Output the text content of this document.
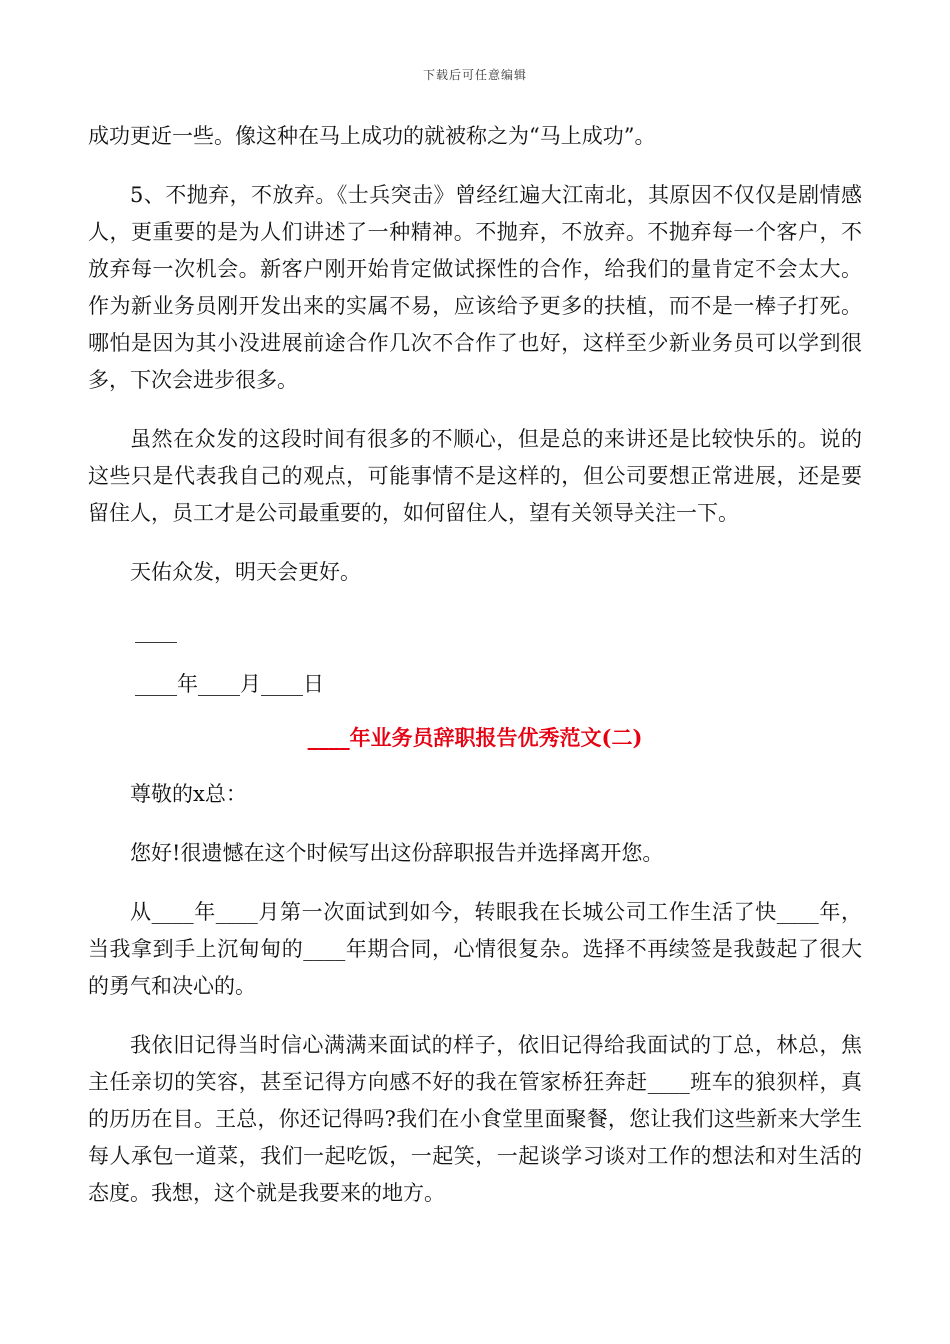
下载后可任意编辑

成功更近一些。像这种在马上成功的就被称之为“马上成功”。

5、不抛弃，不放弃。《士兵突击》曾经红遍大江南北，其原因不仅仅是剧情感人，更重要的是为人们讲述了一种精神。不抛弃，不放弃。不抛弃每一个客户，不放弃每一次机会。新客户刚开始肯定做试探性的合作，给我们的量肯定不会太大。作为新业务员刚开发出来的实属不易，应该给予更多的扶植，而不是一棒子打死。哪怕是因为其小没进展前途合作几次不合作了也好，这样至少新业务员可以学到很多，下次会进步很多。

虽然在众发的这段时间有很多的不顺心，但是总的来讲还是比较快乐的。说的这些只是代表我自己的观点，可能事情不是这样的，但公司要想正常进展，还是要留住人，员工才是公司最重要的，如何留住人，望有关领导关注一下。

天佑众发，明天会更好。

____
____年____月____日
____年业务员辞职报告优秀范文(二)

尊敬的x总：

您好!很遗憾在这个时候写出这份辞职报告并选择离开您。

从____年____月第一次面试到如今，转眼我在长城公司工作生活了快____年，当我拿到手上沉甸甸的____年期合同，心情很复杂。选择不再续签是我鼓起了很大的勇气和决心的。

我依旧记得当时信心满满来面试的样子，依旧记得给我面试的丁总，林总，焦主任亲切的笑容，甚至记得方向感不好的我在管家桥狂奔赶____班车的狼狈样，真的历历在目。王总，你还记得吗?我们在小食堂里面聚餐，您让我们这些新来大学生每人承包一道菜，我们一起吃饭，一起笑，一起谈学习谈对工作的想法和对生活的态度。我想，这个就是我要来的地方。
